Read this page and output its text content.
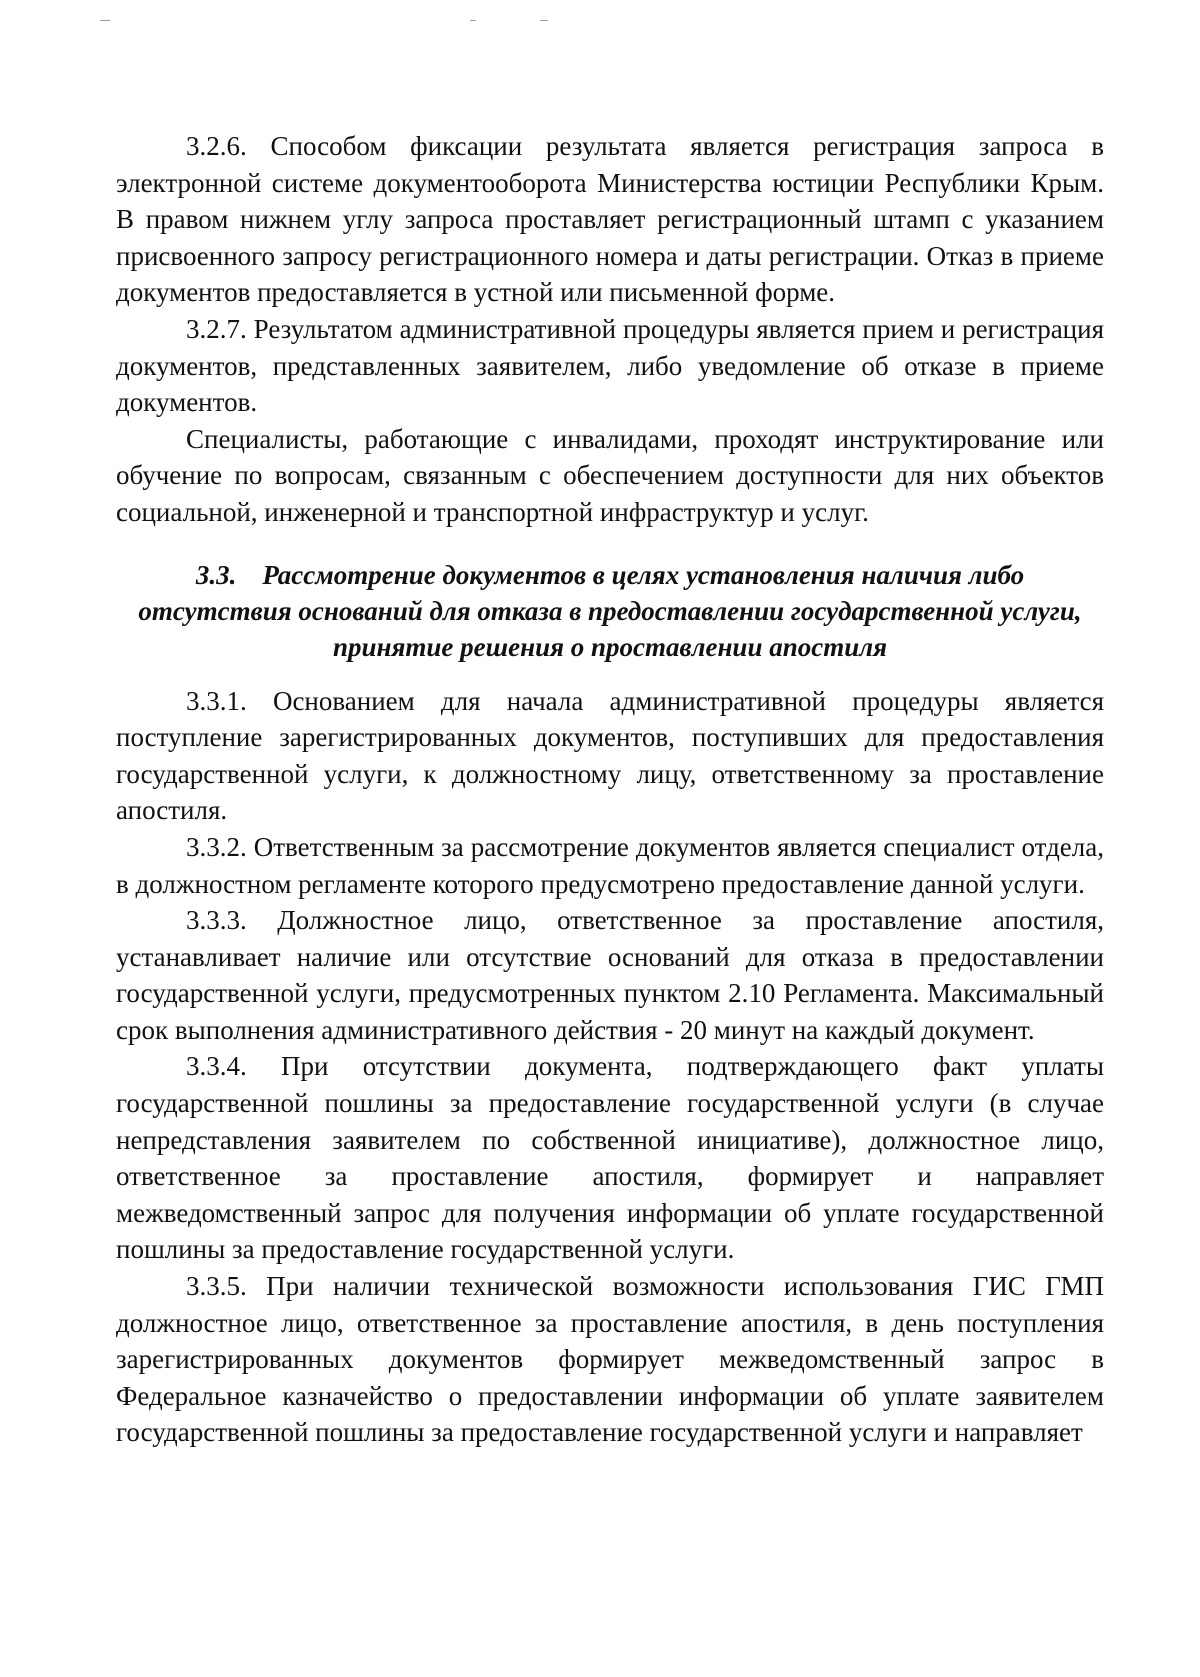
3.2.6. Способом фиксации результата является регистрация запроса в электронной системе документооборота Министерства юстиции Республики Крым. В правом нижнем углу запроса проставляет регистрационный штамп с указанием присвоенного запросу регистрационного номера и даты регистрации. Отказ в приеме документов предоставляется в устной или письменной форме.

3.2.7. Результатом административной процедуры является прием и регистрация документов, представленных заявителем, либо уведомление об отказе в приеме документов.

Специалисты, работающие с инвалидами, проходят инструктирование или обучение по вопросам, связанным с обеспечением доступности для них объектов социальной, инженерной и транспортной инфраструктур и услуг.

3.3. Рассмотрение документов в целях установления наличия либо отсутствия оснований для отказа в предоставлении государственной услуги, принятие решения о проставлении апостиля

3.3.1. Основанием для начала административной процедуры является поступление зарегистрированных документов, поступивших для предоставления государственной услуги, к должностному лицу, ответственному за проставление апостиля.

3.3.2. Ответственным за рассмотрение документов является специалист отдела, в должностном регламенте которого предусмотрено предоставление данной услуги.

3.3.3. Должностное лицо, ответственное за проставление апостиля, устанавливает наличие или отсутствие оснований для отказа в предоставлении государственной услуги, предусмотренных пунктом 2.10 Регламента. Максимальный срок выполнения административного действия - 20 минут на каждый документ.

3.3.4. При отсутствии документа, подтверждающего факт уплаты государственной пошлины за предоставление государственной услуги (в случае непредставления заявителем по собственной инициативе), должностное лицо, ответственное за проставление апостиля, формирует и направляет межведомственный запрос для получения информации об уплате государственной пошлины за предоставление государственной услуги.

3.3.5. При наличии технической возможности использования ГИС ГМП должностное лицо, ответственное за проставление апостиля, в день поступления зарегистрированных документов формирует межведомственный запрос в Федеральное казначейство о предоставлении информации об уплате заявителем государственной пошлины за предоставление государственной услуги и направляет
